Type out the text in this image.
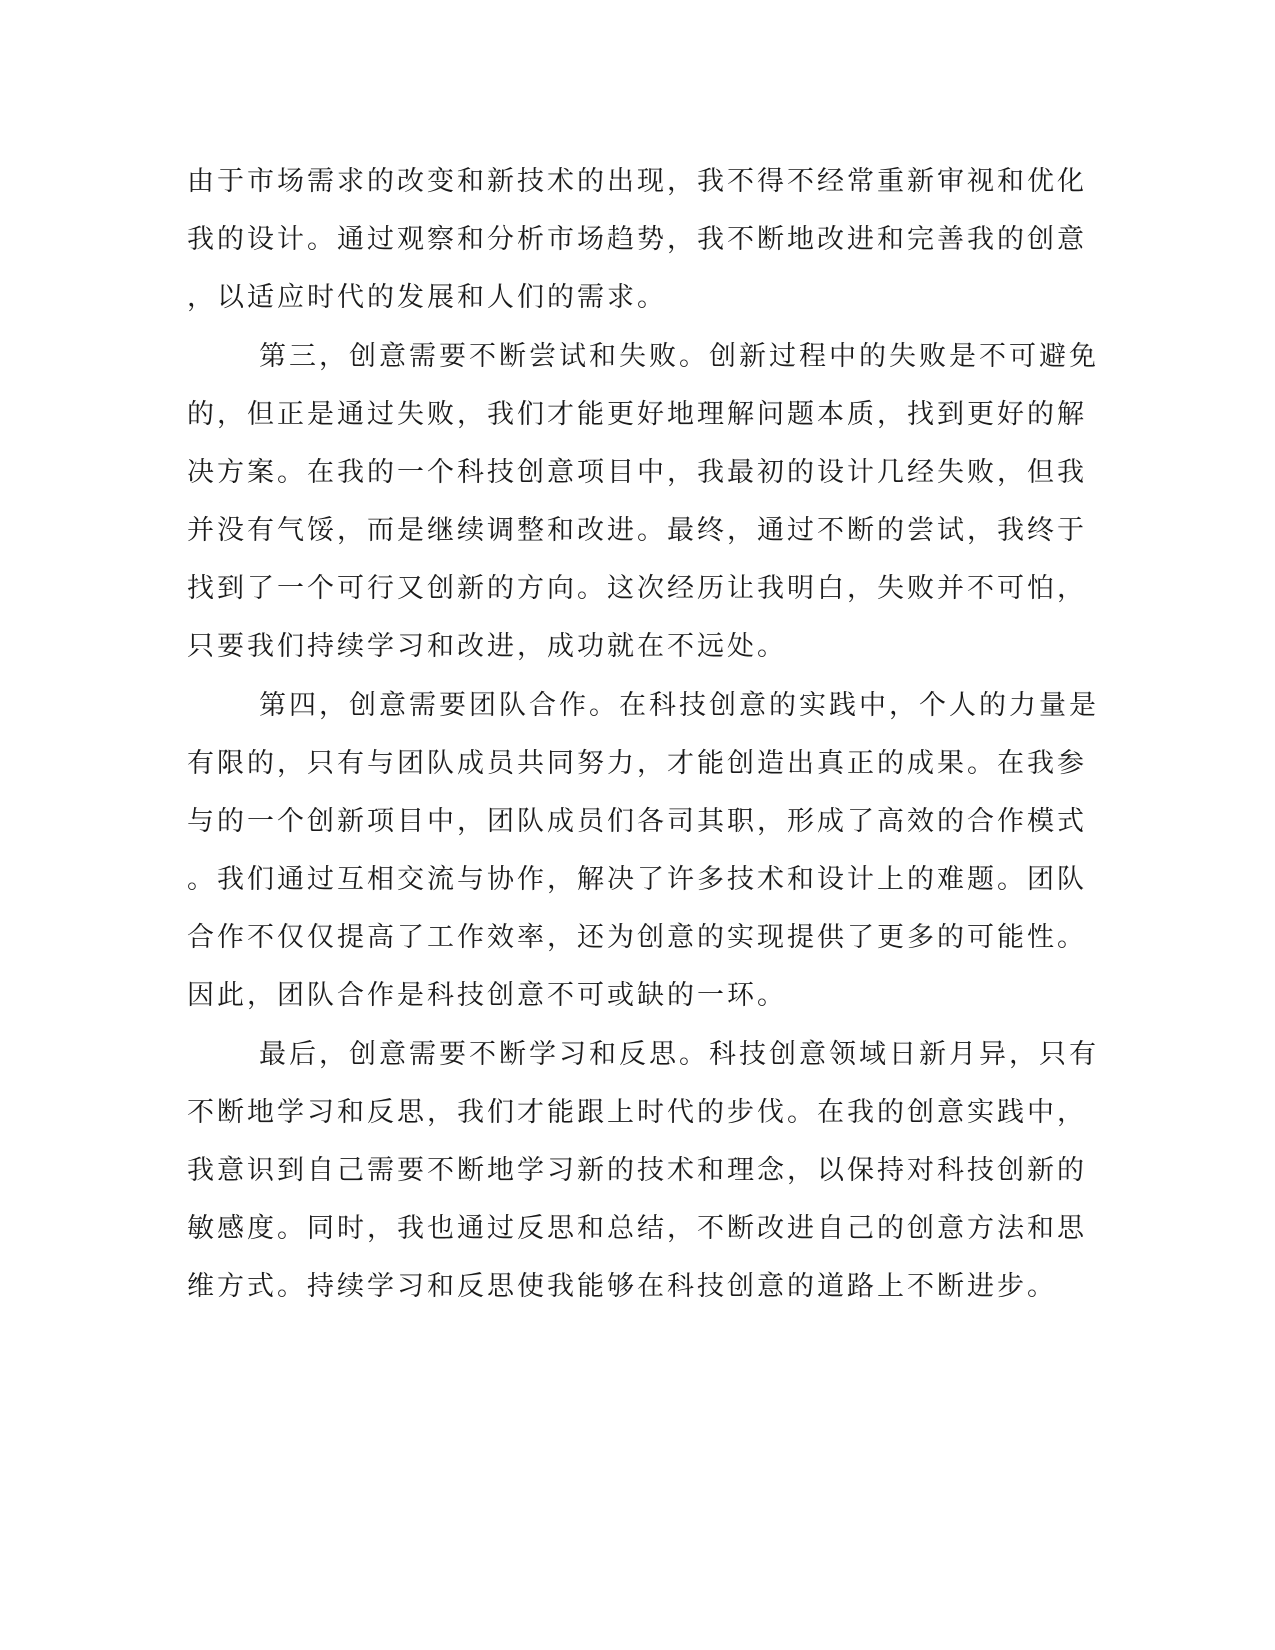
由于市场需求的改变和新技术的出现，我不得不经常重新审视和优化
我的设计。通过观察和分析市场趋势，我不断地改进和完善我的创意
，以适应时代的发展和人们的需求。
第三，创意需要不断尝试和失败。创新过程中的失败是不可避免
的，但正是通过失败，我们才能更好地理解问题本质，找到更好的解
决方案。在我的一个科技创意项目中，我最初的设计几经失败，但我
并没有气馁，而是继续调整和改进。最终，通过不断的尝试，我终于
找到了一个可行又创新的方向。这次经历让我明白，失败并不可怕，
只要我们持续学习和改进，成功就在不远处。
第四，创意需要团队合作。在科技创意的实践中，个人的力量是
有限的，只有与团队成员共同努力，才能创造出真正的成果。在我参
与的一个创新项目中，团队成员们各司其职，形成了高效的合作模式
。我们通过互相交流与协作，解决了许多技术和设计上的难题。团队
合作不仅仅提高了工作效率，还为创意的实现提供了更多的可能性。
因此，团队合作是科技创意不可或缺的一环。
最后，创意需要不断学习和反思。科技创意领域日新月异，只有
不断地学习和反思，我们才能跟上时代的步伐。在我的创意实践中，
我意识到自己需要不断地学习新的技术和理念，以保持对科技创新的
敏感度。同时，我也通过反思和总结，不断改进自己的创意方法和思
维方式。持续学习和反思使我能够在科技创意的道路上不断进步。
